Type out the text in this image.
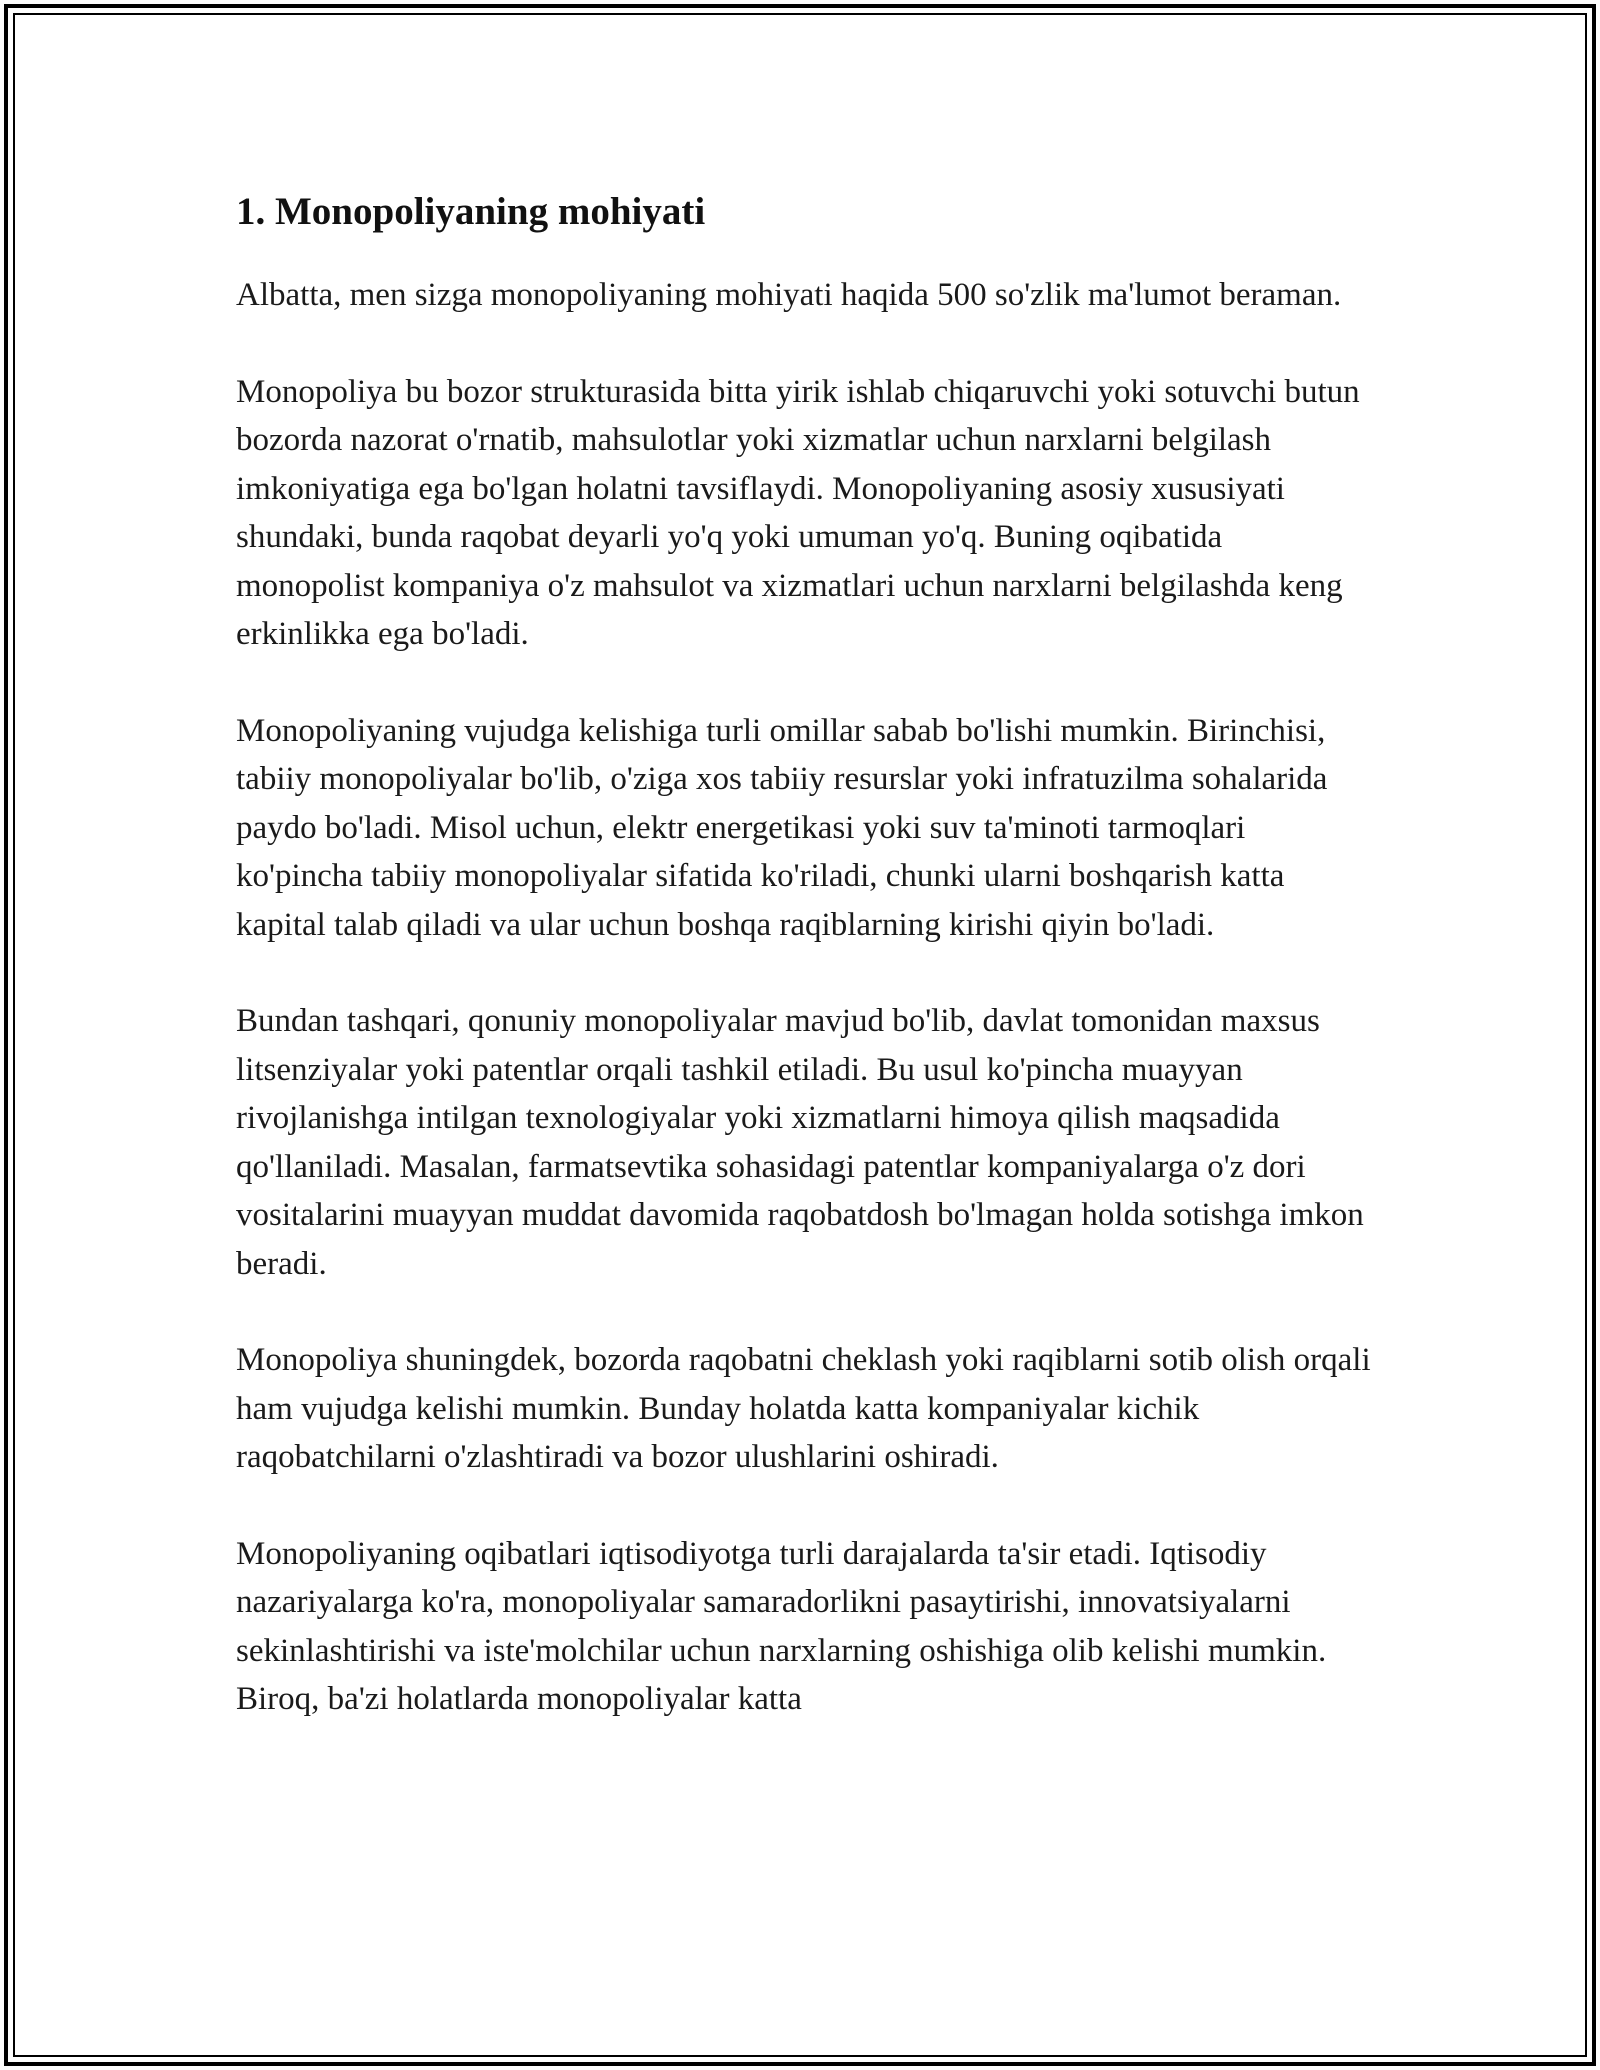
1. Monopoliyaning mohiyati

Albatta, men sizga monopoliyaning mohiyati haqida 500 so'zlik ma'lumot beraman.

Monopoliya bu bozor strukturasida bitta yirik ishlab chiqaruvchi yoki sotuvchi butun bozorda nazorat o'rnatib, mahsulotlar yoki xizmatlar uchun narxlarni belgilash imkoniyatiga ega bo'lgan holatni tavsiflaydi. Monopoliyaning asosiy xususiyati shundaki, bunda raqobat deyarli yo'q yoki umuman yo'q. Buning oqibatida monopolist kompaniya o'z mahsulot va xizmatlari uchun narxlarni belgilashda keng erkinlikka ega bo'ladi.

Monopoliyaning vujudga kelishiga turli omillar sabab bo'lishi mumkin. Birinchisi, tabiiy monopoliyalar bo'lib, o'ziga xos tabiiy resurslar yoki infratuzilma sohalarida paydo bo'ladi. Misol uchun, elektr energetikasi yoki suv ta'minoti tarmoqlari ko'pincha tabiiy monopoliyalar sifatida ko'riladi, chunki ularni boshqarish katta kapital talab qiladi va ular uchun boshqa raqiblarning kirishi qiyin bo'ladi.

Bundan tashqari, qonuniy monopoliyalar mavjud bo'lib, davlat tomonidan maxsus litsenziyalar yoki patentlar orqali tashkil etiladi. Bu usul ko'pincha muayyan rivojlanishga intilgan texnologiyalar yoki xizmatlarni himoya qilish maqsadida qo'llaniladi. Masalan, farmatsevtika sohasidagi patentlar kompaniyalarga o'z dori vositalarini muayyan muddat davomida raqobatdosh bo'lmagan holda sotishga imkon beradi.

Monopoliya shuningdek, bozorda raqobatni cheklash yoki raqiblarni sotib olish orqali ham vujudga kelishi mumkin. Bunday holatda katta kompaniyalar kichik raqobatchilarni o'zlashtiradi va bozor ulushlarini oshiradi.

Monopoliyaning oqibatlari iqtisodiyotga turli darajalarda ta'sir etadi. Iqtisodiy nazariyalarga ko'ra, monopoliyalar samaradorlikni pasaytirishi, innovatsiyalarni sekinlashtirishi va iste'molchilar uchun narxlarning oshishiga olib kelishi mumkin. Biroq, ba'zi holatlarda monopoliyalar katta
